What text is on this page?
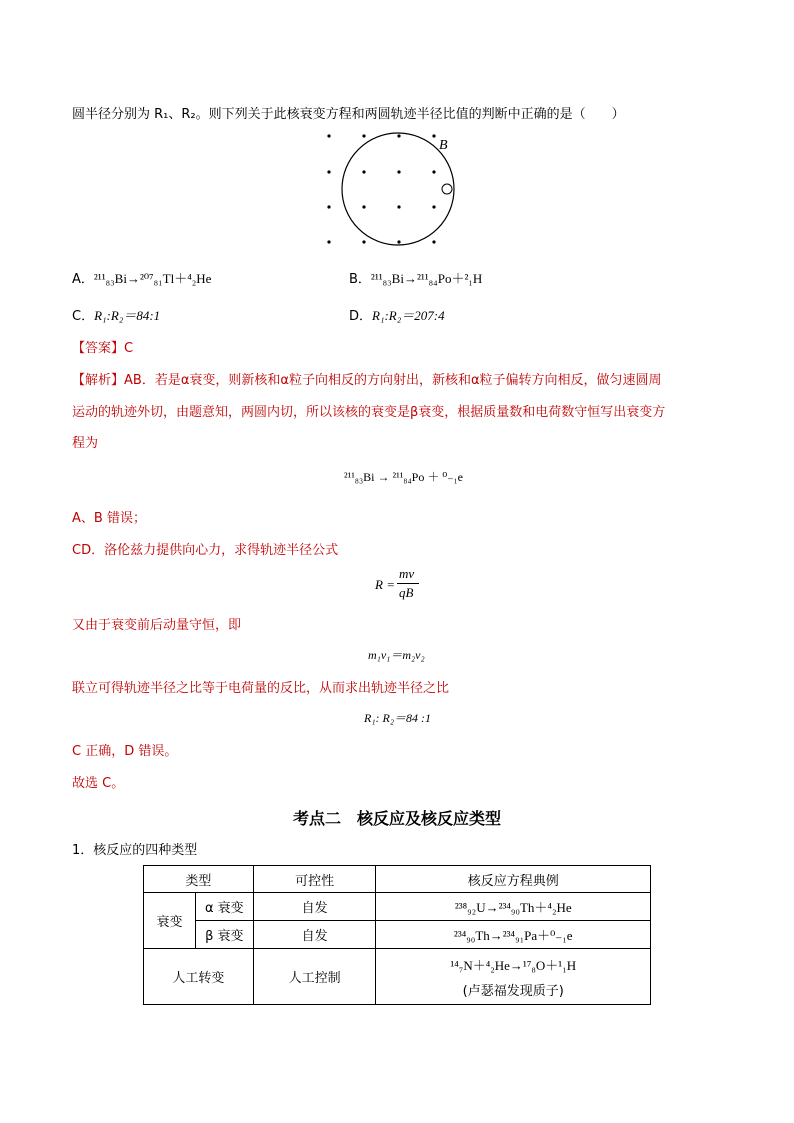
圆半径分别为 R₁、R₂。则下列关于此核衰变方程和两圆轨迹半径比值的判断中正确的是（　　）
B
A．²¹¹₈₃Bi→²⁰⁷₈₁Tl＋⁴₂He	B．²¹¹₈₃Bi→²¹¹₈₄Po＋²₁H
C．R₁:R₂＝84:1	D．R₁:R₂＝207:4
【答案】C
【解析】AB．若是α衰变，则新核和α粒子向相反的方向射出，新核和α粒子偏转方向相反，做匀速圆周
运动的轨迹外切，由题意知，两圆内切，所以该核的衰变是β衰变，根据质量数和电荷数守恒写出衰变方
程为
²¹¹₈₃Bi → ²¹¹₈₄Po ＋ ⁰₋₁e
A、B 错误；
CD．洛伦兹力提供向心力，求得轨迹半径公式
R =
mv
qB
又由于衰变前后动量守恒，即
m₁v₁＝m₂v₂
联立可得轨迹半径之比等于电荷量的反比，从而求出轨迹半径之比
R₁: R₂＝84 :1
C 正确，D 错误。
故选 C。
考点二　核反应及核反应类型
1．核反应的四种类型
类型		可控性	核反应方程典例
衰变	α 衰变	自发	²³⁸₉₂U→²³⁴₉₀Th＋⁴₂He
	β 衰变	自发	²³⁴₉₀Th→²³⁴₉₁Pa＋⁰₋₁e
人工转变		人工控制	¹⁴₇N＋⁴₂He→¹⁷₈O＋¹₁H
(卢瑟福发现质子)
